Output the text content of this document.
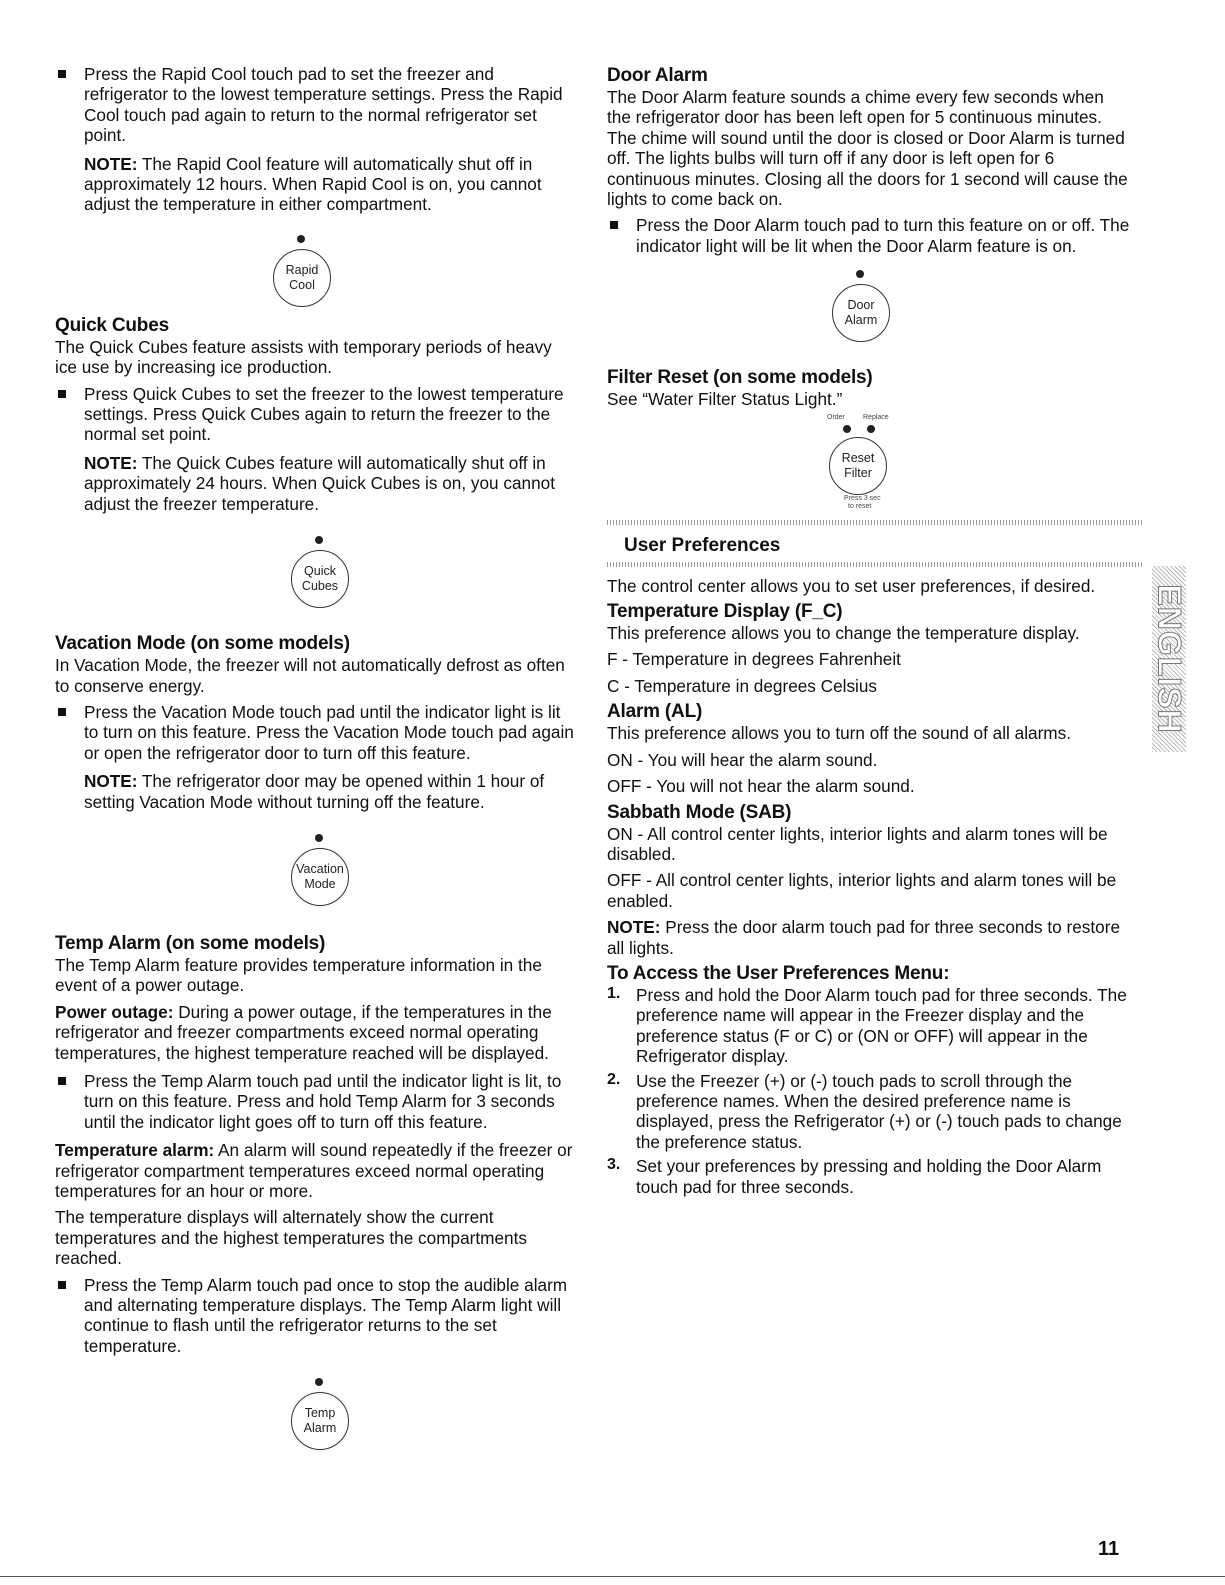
Press the Rapid Cool touch pad to set the freezer and refrigerator to the lowest temperature settings. Press the Rapid Cool touch pad again to return to the normal refrigerator set point.

NOTE: The Rapid Cool feature will automatically shut off in approximately 12 hours. When Rapid Cool is on, you cannot adjust the temperature in either compartment.

Rapid
Cool
Quick Cubes

The Quick Cubes feature assists with temporary periods of heavy ice use by increasing ice production.

Press Quick Cubes to set the freezer to the lowest temperature settings. Press Quick Cubes again to return the freezer to the normal set point.

NOTE: The Quick Cubes feature will automatically shut off in approximately 24 hours. When Quick Cubes is on, you cannot adjust the freezer temperature.

Quick
Cubes
Vacation Mode (on some models)

In Vacation Mode, the freezer will not automatically defrost as often to conserve energy.

Press the Vacation Mode touch pad until the indicator light is lit to turn on this feature. Press the Vacation Mode touch pad again or open the refrigerator door to turn off this feature.

NOTE: The refrigerator door may be opened within 1 hour of setting Vacation Mode without turning off the feature.

Vacation
Mode
Temp Alarm (on some models)

The Temp Alarm feature provides temperature information in the event of a power outage.

Power outage: During a power outage, if the temperatures in the refrigerator and freezer compartments exceed normal operating temperatures, the highest temperature reached will be displayed.

Press the Temp Alarm touch pad until the indicator light is lit, to turn on this feature. Press and hold Temp Alarm for 3 seconds until the indicator light goes off to turn off this feature.

Temperature alarm: An alarm will sound repeatedly if the freezer or refrigerator compartment temperatures exceed normal operating temperatures for an hour or more.

The temperature displays will alternately show the current temperatures and the highest temperatures the compartments reached.

Press the Temp Alarm touch pad once to stop the audible alarm and alternating temperature displays. The Temp Alarm light will continue to flash until the refrigerator returns to the set temperature.

Temp
Alarm
Door Alarm

The Door Alarm feature sounds a chime every few seconds when the refrigerator door has been left open for 5 continuous minutes. The chime will sound until the door is closed or Door Alarm is turned off. The lights bulbs will turn off if any door is left open for 6 continuous minutes. Closing all the doors for 1 second will cause the lights to come back on.

Press the Door Alarm touch pad to turn this feature on or off. The indicator light will be lit when the Door Alarm feature is on.

Door
Alarm
Filter Reset (on some models)

See “Water Filter Status Light.”

Order	Replace
Reset
Filter
Press 3 sec
to reset
User Preferences

The control center allows you to set user preferences, if desired.

Temperature Display (F_C)

This preference allows you to change the temperature display.

F - Temperature in degrees Fahrenheit

C - Temperature in degrees Celsius

Alarm (AL)

This preference allows you to turn off the sound of all alarms.

ON - You will hear the alarm sound.

OFF - You will not hear the alarm sound.

Sabbath Mode (SAB)

ON - All control center lights, interior lights and alarm tones will be disabled.

OFF - All control center lights, interior lights and alarm tones will be enabled.

NOTE: Press the door alarm touch pad for three seconds to restore all lights.

To Access the User Preferences Menu:
1. Press and hold the Door Alarm touch pad for three seconds. The preference name will appear in the Freezer display and the preference status (F or C) or (ON or OFF) will appear in the Refrigerator display.

2. Use the Freezer (+) or (-) touch pads to scroll through the preference names. When the desired preference name is displayed, press the Refrigerator (+) or (-) touch pads to change the preference status.

3. Set your preferences by pressing and holding the Door Alarm touch pad for three seconds.

ENGLISH
11
